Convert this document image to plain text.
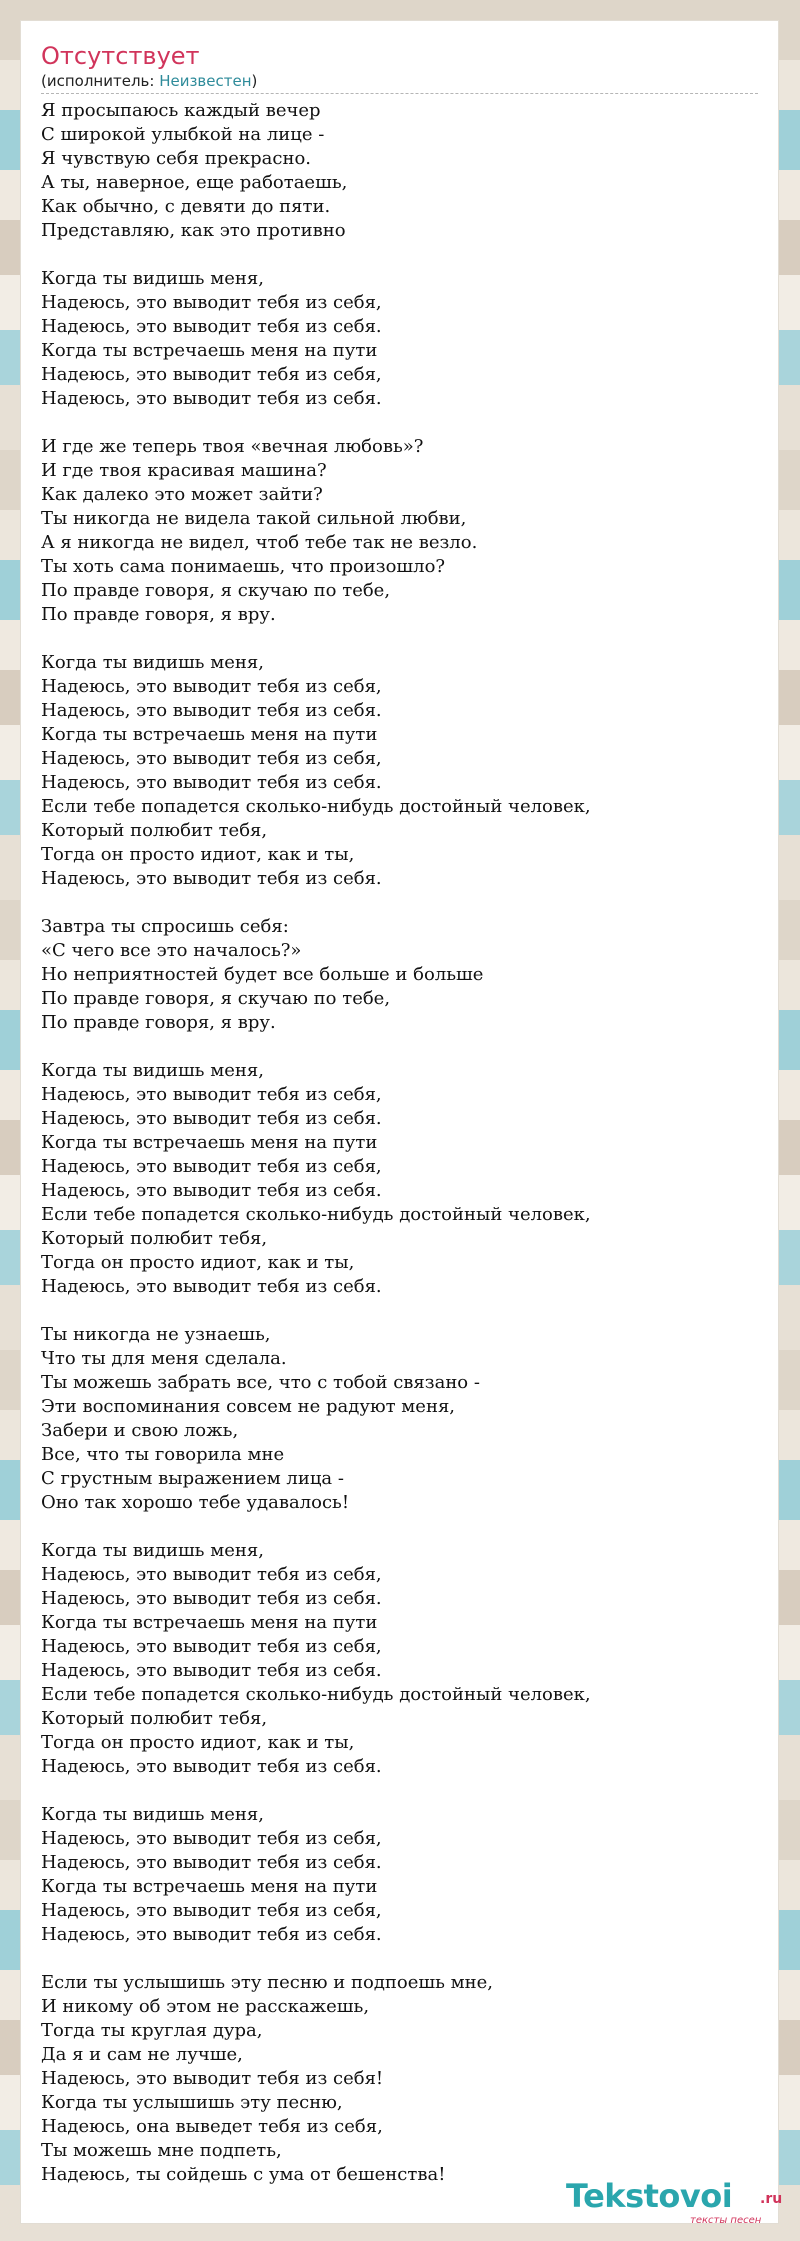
Отсутствует
(исполнитель: Неизвестен)
Я просыпаюсь каждый вечер
С широкой улыбкой на лице -
Я чувствую себя прекрасно.
А ты, наверное, еще работаешь,
Как обычно, с девяти до пяти.
Представляю, как это противно
Когда ты видишь меня,
Надеюсь, это выводит тебя из себя,
Надеюсь, это выводит тебя из себя.
Когда ты встречаешь меня на пути
Надеюсь, это выводит тебя из себя,
Надеюсь, это выводит тебя из себя.
И где же теперь твоя «вечная любовь»?
И где твоя красивая машина?
Как далеко это может зайти?
Ты никогда не видела такой сильной любви,
А я никогда не видел, чтоб тебе так не везло.
Ты хоть сама понимаешь, что произошло?
По правде говоря, я скучаю по тебе,
По правде говоря, я вру.
Когда ты видишь меня,
Надеюсь, это выводит тебя из себя,
Надеюсь, это выводит тебя из себя.
Когда ты встречаешь меня на пути
Надеюсь, это выводит тебя из себя,
Надеюсь, это выводит тебя из себя.
Если тебе попадется сколько-нибудь достойный человек,
Который полюбит тебя,
Тогда он просто идиот, как и ты,
Надеюсь, это выводит тебя из себя.
Завтра ты спросишь себя:
«С чего все это началось?»
Но неприятностей будет все больше и больше
По правде говоря, я скучаю по тебе,
По правде говоря, я вру.
Когда ты видишь меня,
Надеюсь, это выводит тебя из себя,
Надеюсь, это выводит тебя из себя.
Когда ты встречаешь меня на пути
Надеюсь, это выводит тебя из себя,
Надеюсь, это выводит тебя из себя.
Если тебе попадется сколько-нибудь достойный человек,
Который полюбит тебя,
Тогда он просто идиот, как и ты,
Надеюсь, это выводит тебя из себя.
Ты никогда не узнаешь,
Что ты для меня сделала.
Ты можешь забрать все, что с тобой связано -
Эти воспоминания совсем не радуют меня,
Забери и свою ложь,
Все, что ты говорила мне
С грустным выражением лица -
Оно так хорошо тебе удавалось!
Когда ты видишь меня,
Надеюсь, это выводит тебя из себя,
Надеюсь, это выводит тебя из себя.
Когда ты встречаешь меня на пути
Надеюсь, это выводит тебя из себя,
Надеюсь, это выводит тебя из себя.
Если тебе попадется сколько-нибудь достойный человек,
Который полюбит тебя,
Тогда он просто идиот, как и ты,
Надеюсь, это выводит тебя из себя.
Когда ты видишь меня,
Надеюсь, это выводит тебя из себя,
Надеюсь, это выводит тебя из себя.
Когда ты встречаешь меня на пути
Надеюсь, это выводит тебя из себя,
Надеюсь, это выводит тебя из себя.
Если ты услышишь эту песню и подпоешь мне,
И никому об этом не расскажешь,
Тогда ты круглая дура,
Да я и сам не лучше,
Надеюсь, это выводит тебя из себя!
Когда ты услышишь эту песню,
Надеюсь, она выведет тебя из себя,
Ты можешь мне подпеть,
Надеюсь, ты сойдешь с ума от бешенства!
Tekstovoi .ru
тексты песен
